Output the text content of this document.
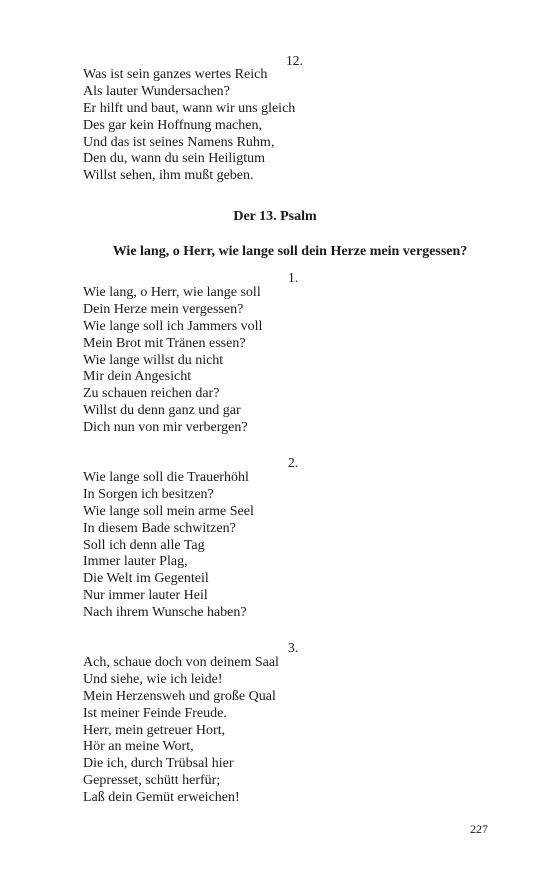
12.
Was ist sein ganzes wertes Reich
Als lauter Wundersachen?
Er hilft und baut, wann wir uns gleich
Des gar kein Hoffnung machen,
Und das ist seines Namens Ruhm,
Den du, wann du sein Heiligtum
Willst sehen, ihm mußt geben.
Der 13. Psalm
Wie lang, o Herr, wie lange soll dein Herze mein vergessen?
1.
Wie lang, o Herr, wie lange soll
Dein Herze mein vergessen?
Wie lange soll ich Jammers voll
Mein Brot mit Tränen essen?
Wie lange willst du nicht
Mir dein Angesicht
Zu schauen reichen dar?
Willst du denn ganz und gar
Dich nun von mir verbergen?
2.
Wie lange soll die Trauerhöhl
In Sorgen ich besitzen?
Wie lange soll mein arme Seel
In diesem Bade schwitzen?
Soll ich denn alle Tag
Immer lauter Plag,
Die Welt im Gegenteil
Nur immer lauter Heil
Nach ihrem Wunsche haben?
3.
Ach, schaue doch von deinem Saal
Und siehe, wie ich leide!
Mein Herzensweh und große Qual
Ist meiner Feinde Freude.
Herr, mein getreuer Hort,
Hör an meine Wort,
Die ich, durch Trübsal hier
Gepresset, schütt herfür;
Laß dein Gemüt erweichen!
227
